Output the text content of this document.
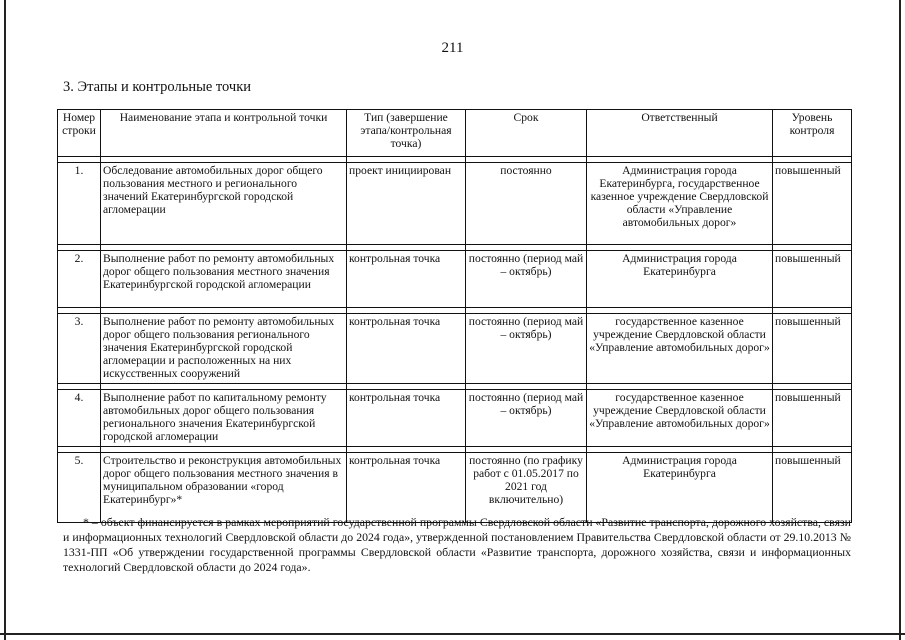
211
3. Этапы и контрольные точки
Номер строки	Наименование этапа и контрольной точки	Тип (завершение этапа/контрольная точка)	Срок	Ответственный	Уровень контроля

1.	Обследование автомобильных дорог общего пользования местного и регионального значений Екатеринбургской городской агломерации	проект инициирован	постоянно	Администрация города Екатеринбурга, государственное казенное учреждение Свердловской области «Управление автомобильных дорог»	повышенный

2.	Выполнение работ по ремонту автомобильных дорог общего пользования местного значения Екатеринбургской городской агломерации	контрольная точка	постоянно (период май – октябрь)	Администрация города Екатеринбурга	повышенный

3.	Выполнение работ по ремонту автомобильных дорог общего пользования регионального значения Екатеринбургской городской агломерации и расположенных на них искусственных сооружений	контрольная точка	постоянно (период май – октябрь)	государственное казенное учреждение Свердловской области «Управление автомобильных дорог»	повышенный

4.	Выполнение работ по капитальному ремонту автомобильных дорог общего пользования регионального значения Екатеринбургской городской агломерации	контрольная точка	постоянно (период май – октябрь)	государственное казенное учреждение Свердловской области «Управление автомобильных дорог»	повышенный

5.	Строительство и реконструкция автомобильных дорог общего пользования местного значения в муниципальном образовании «город Екатеринбург»*	контрольная точка	постоянно (по графику работ с 01.05.2017 по 2021 год включительно)	Администрация города Екатеринбурга	повышенный
* – объект финансируется в рамках мероприятий государственной программы Свердловской области «Развитие транспорта, дорожного хозяйства, связи и информационных технологий Свердловской области до 2024 года», утвержденной постановлением Правительства Свердловской области от 29.10.2013 № 1331-ПП «Об утверждении государственной программы Свердловской области «Развитие транспорта, дорожного хозяйства, связи и информационных технологий Свердловской области до 2024 года».
